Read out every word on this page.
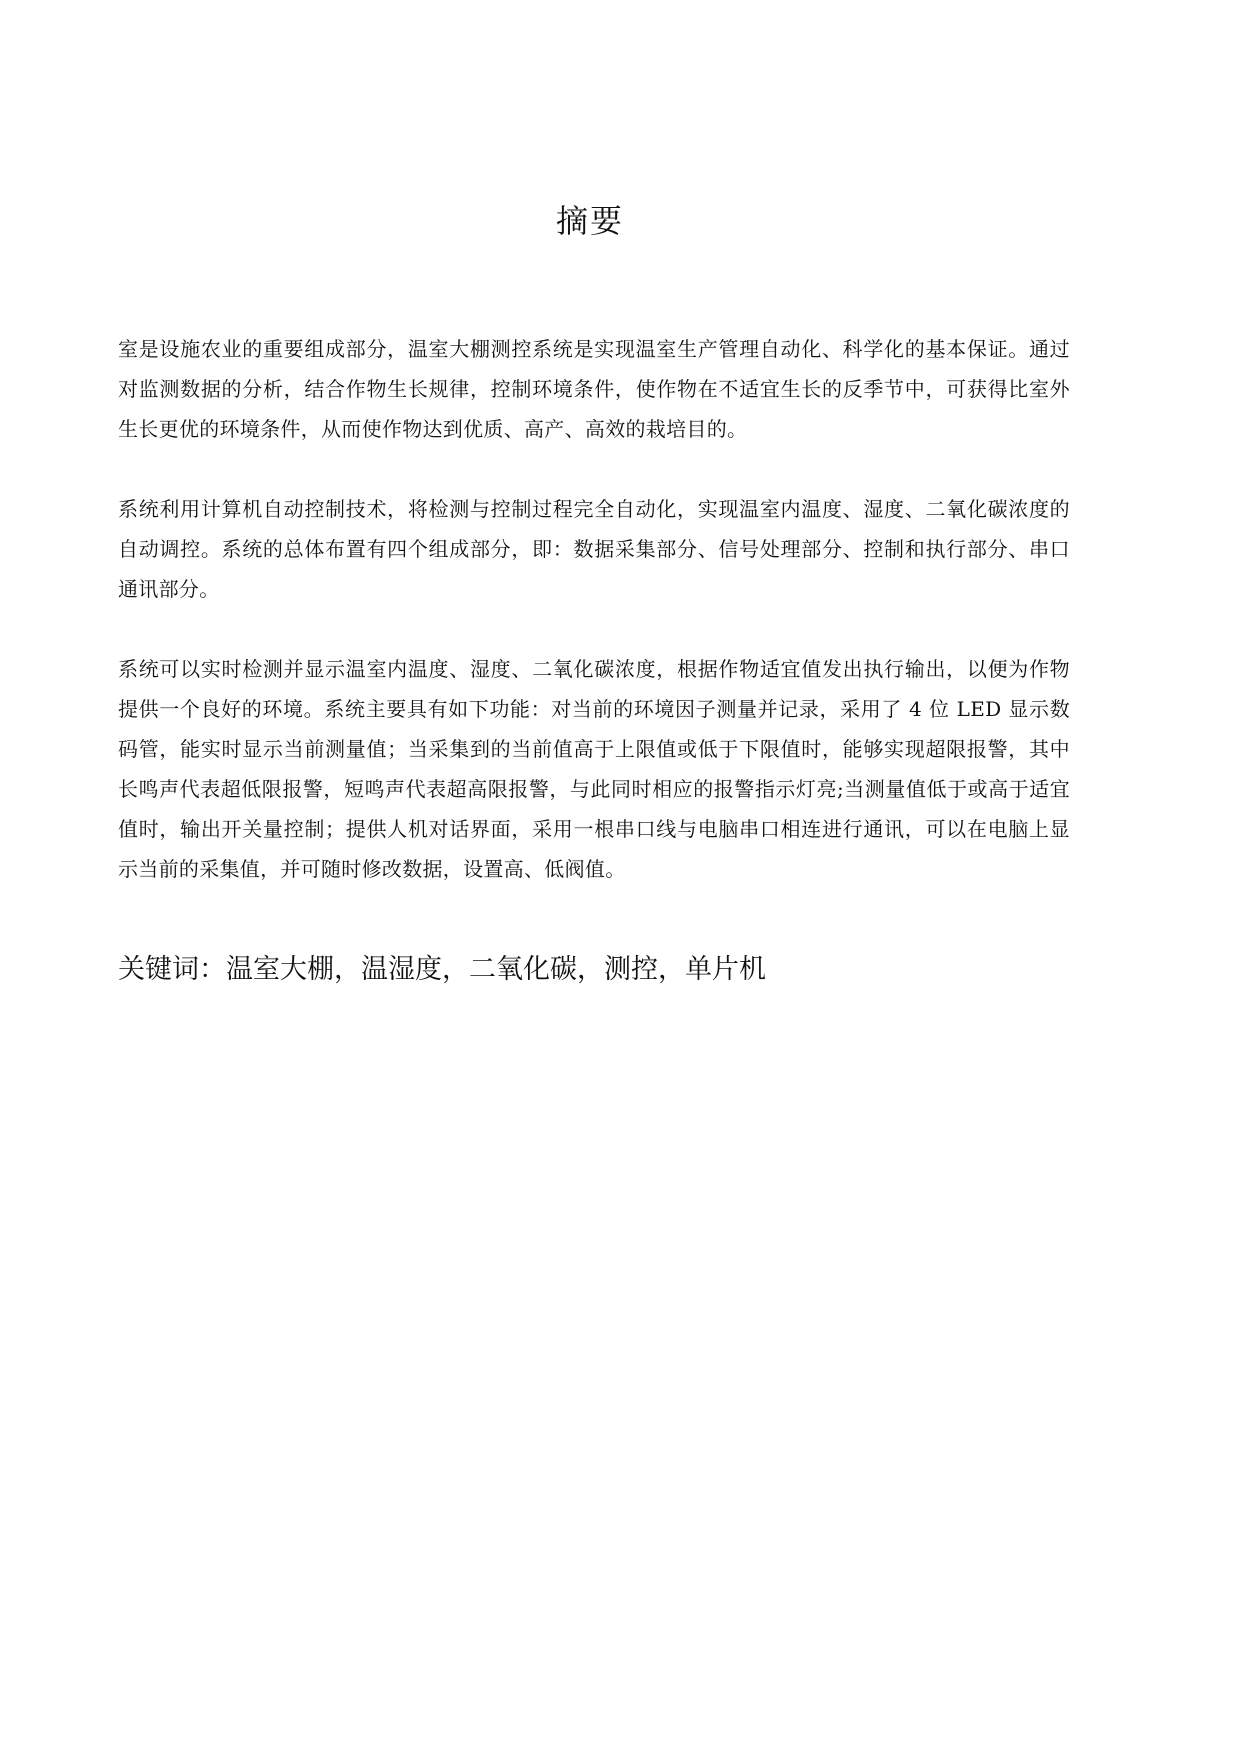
摘要

室是设施农业的重要组成部分，温室大棚测控系统是实现温室生产管理自动化、科学化的基本保证。通过对监测数据的分析，结合作物生长规律，控制环境条件，使作物在不适宜生长的反季节中，可获得比室外生长更优的环境条件，从而使作物达到优质、高产、高效的栽培目的。

系统利用计算机自动控制技术，将检测与控制过程完全自动化，实现温室内温度、湿度、二氧化碳浓度的自动调控。系统的总体布置有四个组成部分，即：数据采集部分、信号处理部分、控制和执行部分、串口通讯部分。

系统可以实时检测并显示温室内温度、湿度、二氧化碳浓度，根据作物适宜值发出执行输出，以便为作物提供一个良好的环境。系统主要具有如下功能：对当前的环境因子测量并记录，采用了 4 位 LED 显示数码管，能实时显示当前测量值；当采集到的当前值高于上限值或低于下限值时，能够实现超限报警，其中长鸣声代表超低限报警，短鸣声代表超高限报警，与此同时相应的报警指示灯亮;当测量值低于或高于适宜值时，输出开关量控制；提供人机对话界面，采用一根串口线与电脑串口相连进行通讯，可以在电脑上显示当前的采集值，并可随时修改数据，设置高、低阀值。

关键词：温室大棚，温湿度，二氧化碳，测控，单片机
